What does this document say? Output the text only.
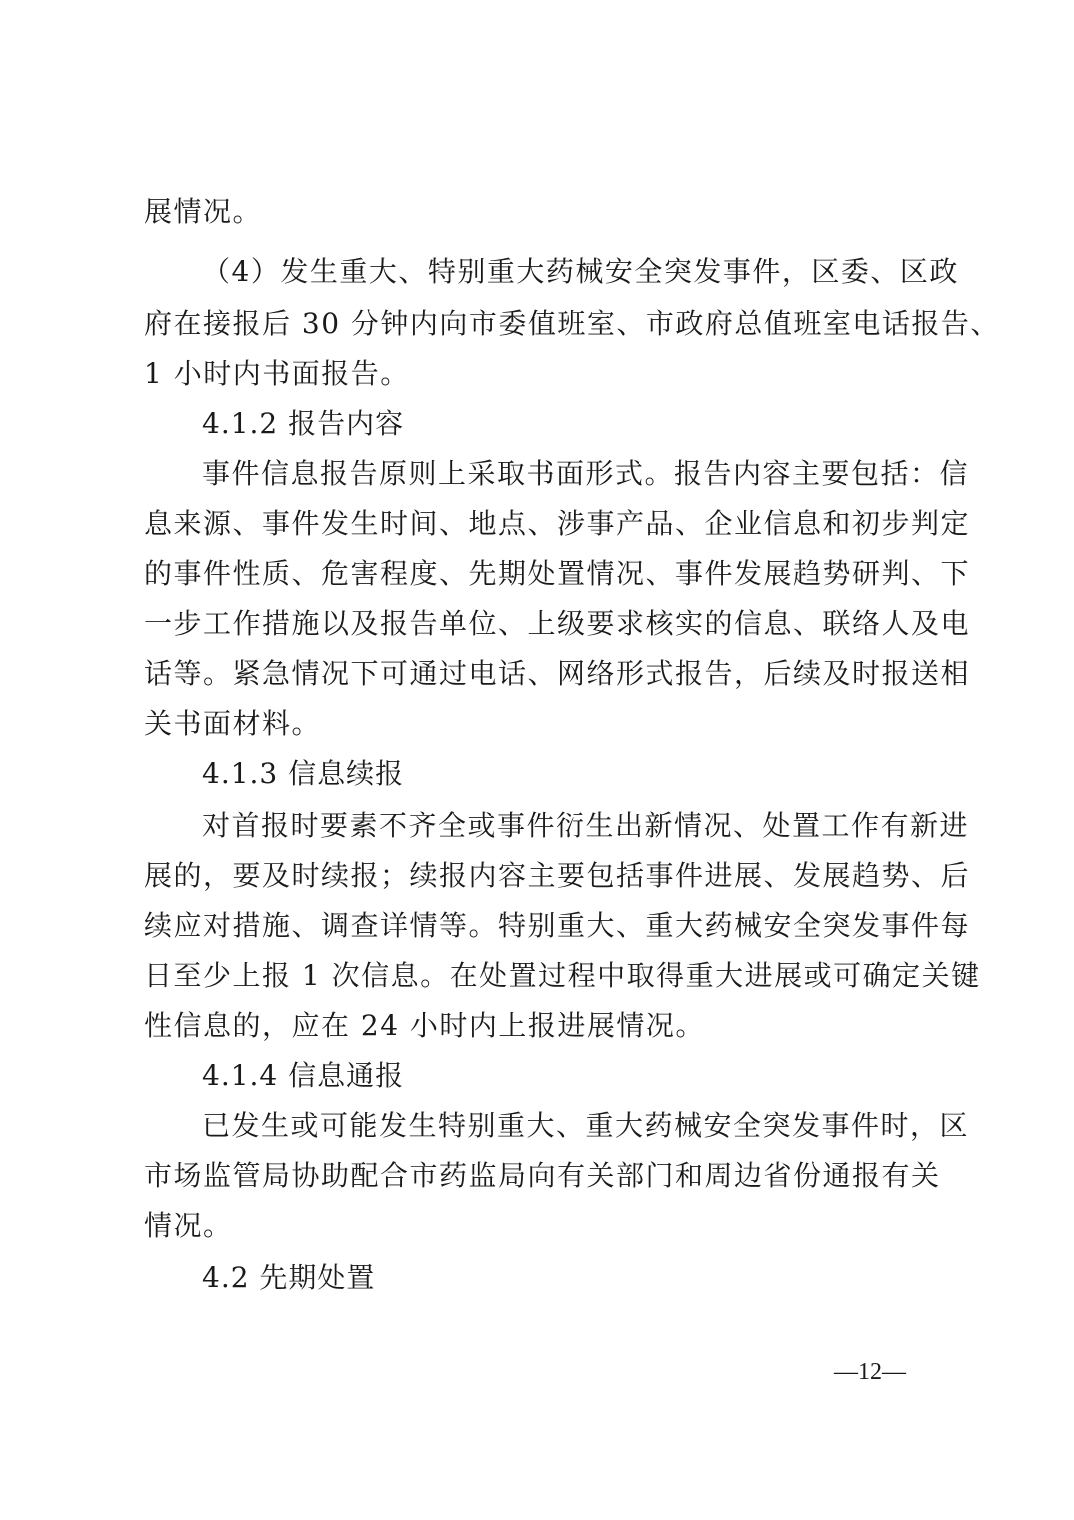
展情况。
（4）发生重大、特别重大药械安全突发事件，区委、区政
府在接报后 30 分钟内向市委值班室、市政府总值班室电话报告、
1 小时内书面报告。
4.1.2 报告内容
事件信息报告原则上采取书面形式。报告内容主要包括：信
息来源、事件发生时间、地点、涉事产品、企业信息和初步判定
的事件性质、危害程度、先期处置情况、事件发展趋势研判、下
一步工作措施以及报告单位、上级要求核实的信息、联络人及电
话等。紧急情况下可通过电话、网络形式报告，后续及时报送相
关书面材料。
4.1.3 信息续报
对首报时要素不齐全或事件衍生出新情况、处置工作有新进
展的，要及时续报；续报内容主要包括事件进展、发展趋势、后
续应对措施、调查详情等。特别重大、重大药械安全突发事件每
日至少上报 1 次信息。在处置过程中取得重大进展或可确定关键
性信息的，应在 24 小时内上报进展情况。
4.1.4 信息通报
已发生或可能发生特别重大、重大药械安全突发事件时，区
市场监管局协助配合市药监局向有关部门和周边省份通报有关
情况。
4.2 先期处置
—12—
